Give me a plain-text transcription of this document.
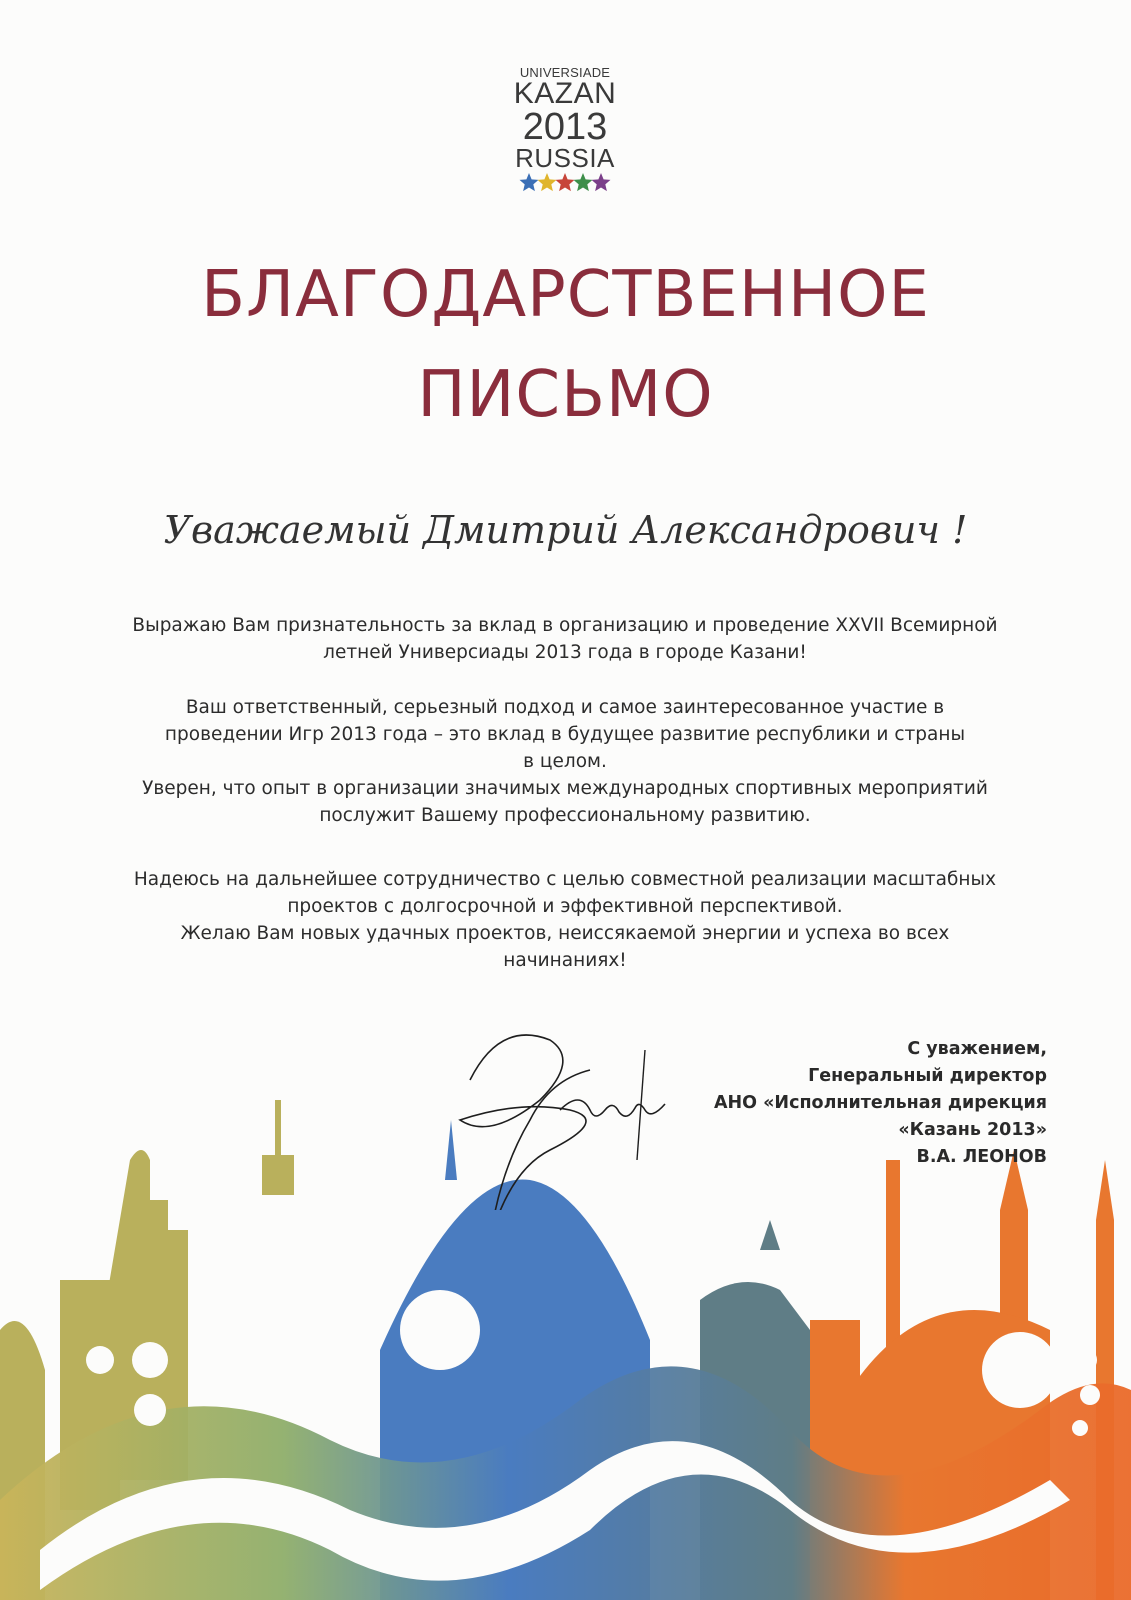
UNIVERSIADE
KAZAN
2013
RUSSIA
БЛАГОДАРСТВЕННОЕ
ПИСЬМО
Уважаемый Дмитрий Александрович !

Выражаю Вам признательность за вклад в организацию и проведение XXVII Всемирной

летней Универсиады 2013 года в городе Казани!

Ваш ответственный, серьезный подход и самое заинтересованное участие в

проведении Игр 2013 года – это вклад в будущее развитие республики и страны

в целом.

Уверен, что опыт в организации значимых международных спортивных мероприятий

послужит Вашему профессиональному развитию.

Надеюсь на дальнейшее сотрудничество с целью совместной реализации масштабных

проектов с долгосрочной и эффективной перспективой.

Желаю Вам новых удачных проектов, неиссякаемой энергии и успеха во всех

начинаниях!

С уважением,
Генеральный директор
АНО «Исполнительная дирекция
«Казань 2013»
В.А. ЛЕОНОВ
